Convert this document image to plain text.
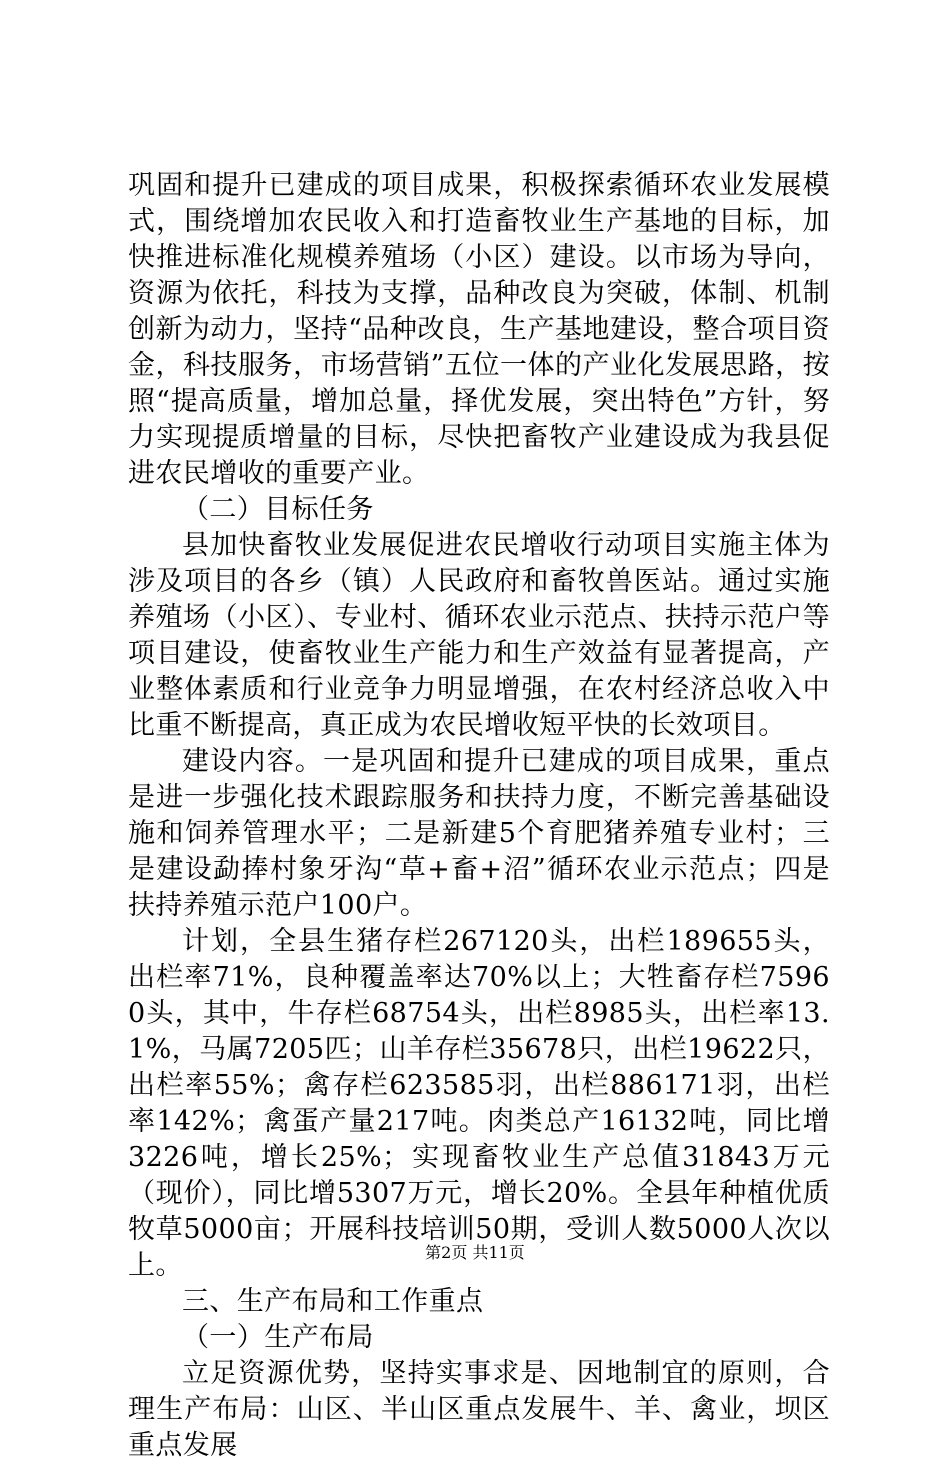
巩固和提升已建成的项目成果，积极探索循环农业发展模式，围绕增加农民收入和打造畜牧业生产基地的目标，加快推进标准化规模养殖场（小区）建设。以市场为导向，资源为依托，科技为支撑，品种改良为突破，体制、机制创新为动力，坚持“品种改良，生产基地建设，整合项目资金，科技服务，市场营销”五位一体的产业化发展思路，按照“提高质量，增加总量，择优发展，突出特色”方针，努力实现提质增量的目标，尽快把畜牧产业建设成为我县促进农民增收的重要产业。

（二）目标任务

县加快畜牧业发展促进农民增收行动项目实施主体为涉及项目的各乡（镇）人民政府和畜牧兽医站。通过实施养殖场（小区）、专业村、循环农业示范点、扶持示范户等项目建设，使畜牧业生产能力和生产效益有显著提高，产业整体素质和行业竞争力明显增强，在农村经济总收入中比重不断提高，真正成为农民增收短平快的长效项目。

建设内容。一是巩固和提升已建成的项目成果，重点是进一步强化技术跟踪服务和扶持力度，不断完善基础设施和饲养管理水平；二是新建5个育肥猪养殖专业村；三是建设勐捧村象牙沟“草+畜+沼”循环农业示范点；四是扶持养殖示范户100户。

计划，全县生猪存栏267120头，出栏189655头，出栏率71%，良种覆盖率达70%以上；大牲畜存栏75960头，其中，牛存栏68754头，出栏8985头，出栏率13.1%，马属7205匹；山羊存栏35678只，出栏19622只，出栏率55%；禽存栏623585羽，出栏886171羽，出栏率142%；禽蛋产量217吨。肉类总产16132吨，同比增3226吨，增长25%；实现畜牧业生产总值31843万元（现价），同比增5307万元，增长20%。全县年种植优质牧草5000亩；开展科技培训50期，受训人数5000人次以上。

三、生产布局和工作重点

（一）生产布局

立足资源优势，坚持实事求是、因地制宜的原则，合理生产布局：山区、半山区重点发展牛、羊、禽业，坝区重点发展

第2页 共11页
